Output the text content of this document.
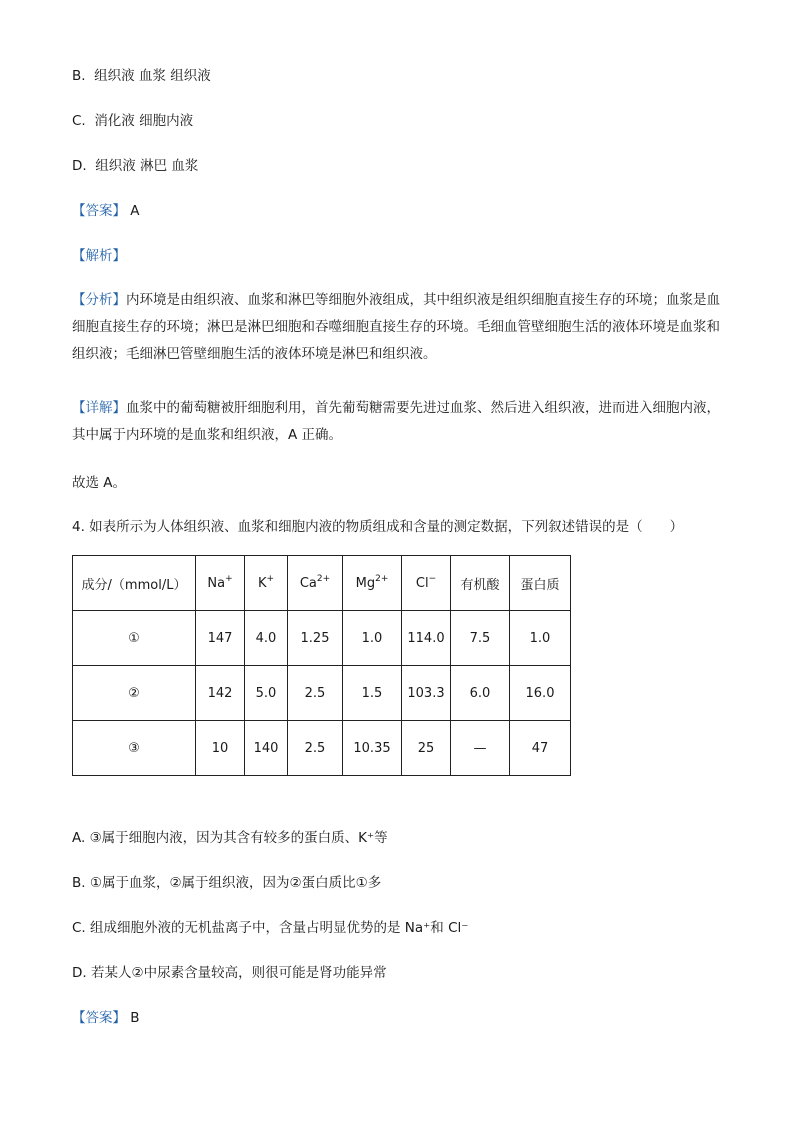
B. 组织液 血浆 组织液
C. 消化液 细胞内液
D. 组织液 淋巴 血浆
【答案】 A
【解析】
【分析】内环境是由组织液、血浆和淋巴等细胞外液组成，其中组织液是组织细胞直接生存的环境；血浆是血细胞直接生存的环境；淋巴是淋巴细胞和吞噬细胞直接生存的环境。毛细血管壁细胞生活的液体环境是血浆和组织液；毛细淋巴管壁细胞生活的液体环境是淋巴和组织液。
【详解】血浆中的葡萄糖被肝细胞利用，首先葡萄糖需要先进过血浆、然后进入组织液，进而进入细胞内液，其中属于内环境的是血浆和组织液，A 正确。
故选 A。
4. 如表所示为人体组织液、血浆和细胞内液的物质组成和含量的测定数据，下列叙述错误的是（　　）
成分/（mmol/L）	Na+	K+	$Ca^{2+}$	$Mg^{2+}$	Cl−	有机酸	蛋白质
①	147	4.0	1.25	1.0	114.0	7.5	1.0
②	142	5.0	2.5	1.5	103.3	6.0	16.0
③	10	140	2.5	10.35	25	—	47
A. ③属于细胞内液，因为其含有较多的蛋白质、K⁺等
B. ①属于血浆，②属于组织液，因为②蛋白质比①多
C. 组成细胞外液的无机盐离子中，含量占明显优势的是 Na⁺和 Cl⁻
D. 若某人②中尿素含量较高，则很可能是肾功能异常
【答案】 B
